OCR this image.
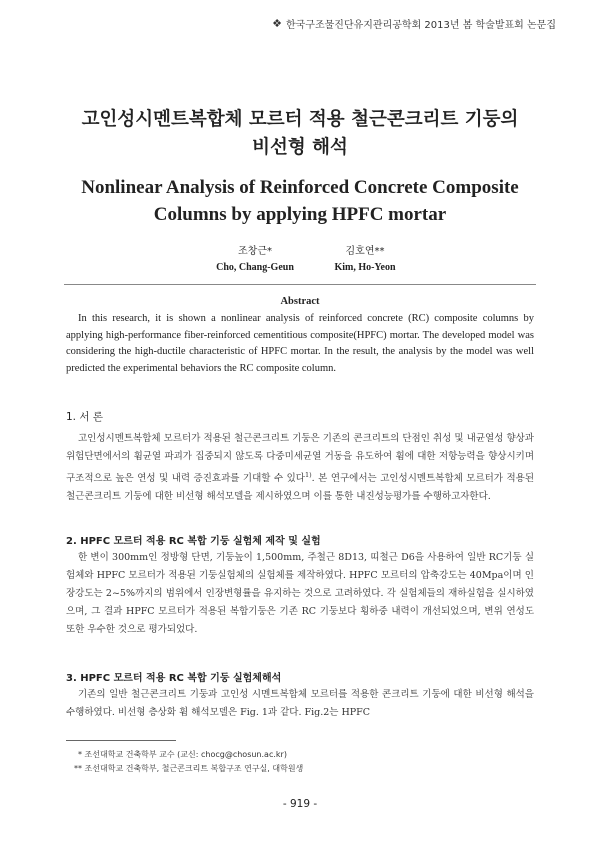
❖ 한국구조물진단유지관리공학회 2013년 봄 학술발표회 논문집
고인성시멘트복합체 모르터 적용 철근콘크리트 기둥의
비선형 해석
Nonlinear Analysis of Reinforced Concrete Composite
Columns by applying HPFC mortar
조창근*
Cho, Chang-Geun
김호연**
Kim, Ho-Yeon
Abstract
In this research, it is shown a nonlinear analysis of reinforced concrete (RC) composite columns by applying high-performance fiber-reinforced cementitious composite(HPFC) mortar. The developed model was considering the high-ductile characteristic of HPFC mortar. In the result, the analysis by the model was well predicted the experimental behaviors the RC composite column.
1. 서 론
고인성시멘트복합체 모르터가 적용된 철근콘크리트 기둥은 기존의 콘크리트의 단점인 취성 및 내균열성 향상과 위험단면에서의 휨균열 파괴가 집중되지 않도록 다중미세균열 거동을 유도하여 휨에 대한 저항능력을 향상시키며 구조적으로 높은 연성 및 내력 증진효과를 기대할 수 있다$^{1)}$. 본 연구에서는 고인성시멘트복합체 모르터가 적용된 철근콘크리트 기둥에 대한 비선형 해석모델을 제시하였으며 이를 통한 내진성능평가를 수행하고자한다.
2. HPFC 모르터 적용 RC 복합 기둥 실험체 제작 및 실험
한 변이 300mm인 정방형 단면, 기둥높이 1,500mm, 주철근 8D13, 띠철근 D6을 사용하여 일반 RC기둥 실험체와 HPFC 모르터가 적용된 기둥실험체의 실험체를 제작하였다. HPFC 모르터의 압축강도는 40Mpa이며 인장강도는 2~5%까지의 범위에서 인장변형률을 유지하는 것으로 고려하였다. 각 실험체들의 재하실험을 실시하였으며, 그 결과 HPFC 모르터가 적용된 복합기둥은 기존 RC 기둥보다 횡하중 내력이 개선되었으며, 변위 연성도 또한 우수한 것으로 평가되었다.
3. HPFC 모르터 적용 RC 복합 기둥 실험체해석
기존의 일반 철근콘크리트 기둥과 고인성 시멘트복합체 모르터를 적용한 콘크리트 기둥에 대한 비선형 해석을 수행하였다. 비선형 층상화 휨 해석모델은 Fig. 1과 같다. Fig.2는 HPFC
* 조선대학교 건축학부 교수 (교신: chocg@chosun.ac.kr)
** 조선대학교 건축학부, 철근콘크리트 복합구조 연구실, 대학원생
- 919 -
